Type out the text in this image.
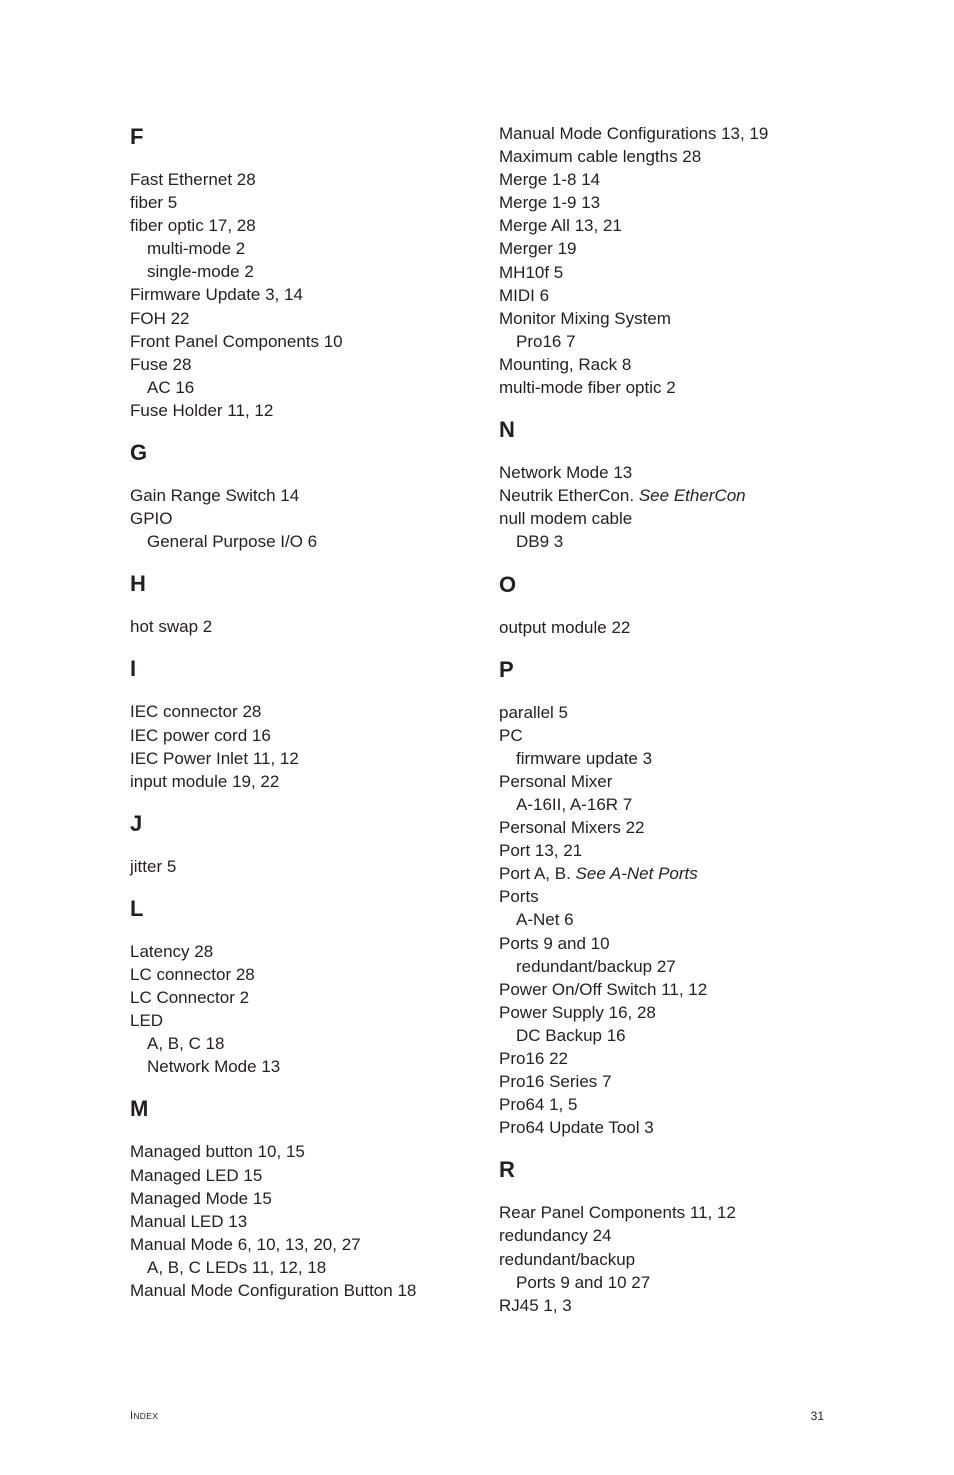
F
Fast Ethernet 28
fiber 5
fiber optic 17, 28
multi-mode 2
single-mode 2
Firmware Update 3, 14
FOH 22
Front Panel Components 10
Fuse 28
AC 16
Fuse Holder 11, 12
G
Gain Range Switch 14
GPIO
General Purpose I/O 6
H
hot swap 2
I
IEC connector 28
IEC power cord 16
IEC Power Inlet 11, 12
input module 19, 22
J
jitter 5
L
Latency 28
LC connector 28
LC Connector 2
LED
A, B, C 18
Network Mode 13
M
Managed button 10, 15
Managed LED 15
Managed Mode 15
Manual LED 13
Manual Mode 6, 10, 13, 20, 27
A, B, C LEDs 11, 12, 18
Manual Mode Configuration Button 18
Manual Mode Configurations 13, 19
Maximum cable lengths 28
Merge 1-8 14
Merge 1-9 13
Merge All 13, 21
Merger 19
MH10f 5
MIDI 6
Monitor Mixing System
Pro16 7
Mounting, Rack 8
multi-mode fiber optic 2
N
Network Mode 13
Neutrik EtherCon. See EtherCon
null modem cable
DB9 3
O
output module 22
P
parallel 5
PC
firmware update 3
Personal Mixer
A-16II, A-16R 7
Personal Mixers 22
Port 13, 21
Port A, B. See A-Net Ports
Ports
A-Net 6
Ports 9 and 10
redundant/backup 27
Power On/Off Switch 11, 12
Power Supply 16, 28
DC Backup 16
Pro16 22
Pro16 Series 7
Pro64 1, 5
Pro64 Update Tool 3
R
Rear Panel Components 11, 12
redundancy 24
redundant/backup
Ports 9 and 10 27
RJ45 1, 3
INDEX	31
